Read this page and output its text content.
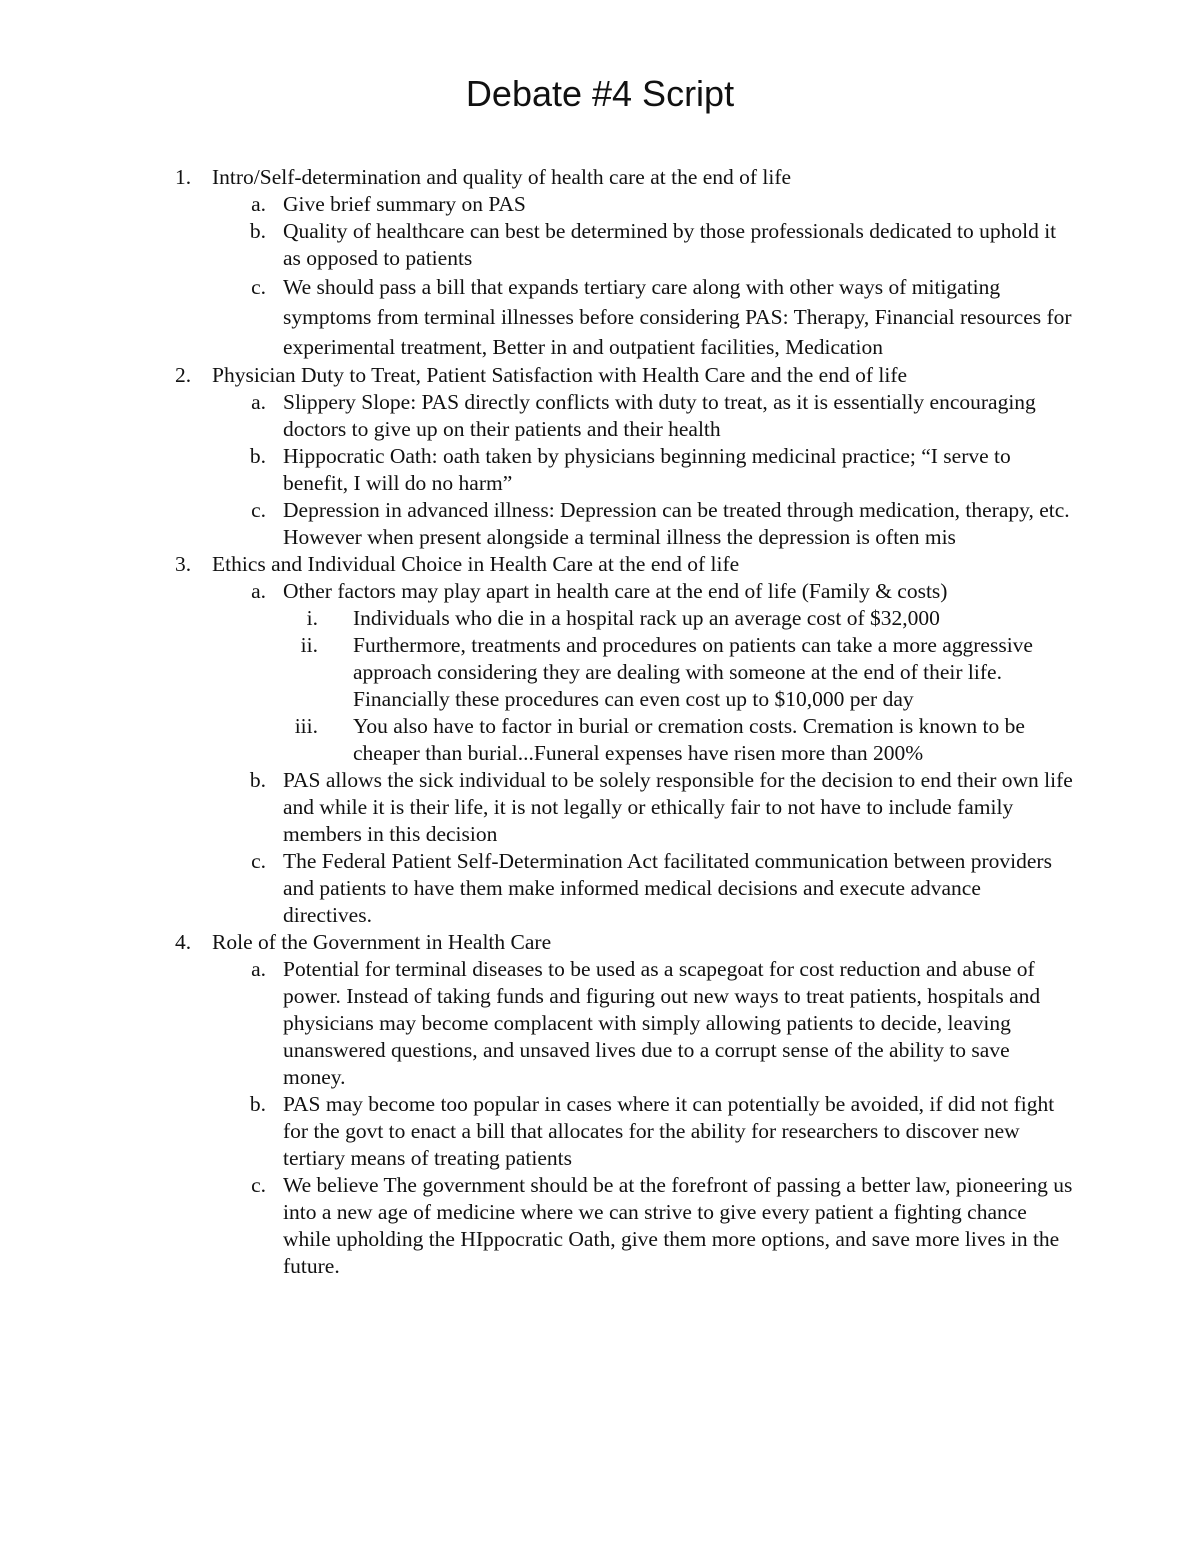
Debate #4 Script
1. Intro/Self-determination and quality of health care at the end of life
a. Give brief summary on PAS
b. Quality of healthcare can best be determined by those professionals dedicated to uphold it as opposed to patients
c. We should pass a bill that expands tertiary care along with other ways of mitigating symptoms from terminal illnesses before considering PAS: Therapy, Financial resources for experimental treatment, Better in and outpatient facilities, Medication
2. Physician Duty to Treat, Patient Satisfaction with Health Care and the end of life
a. Slippery Slope: PAS directly conflicts with duty to treat, as it is essentially encouraging doctors to give up on their patients and their health
b. Hippocratic Oath: oath taken by physicians beginning medicinal practice; “I serve to benefit, I will do no harm”
c. Depression in advanced illness: Depression can be treated through medication, therapy, etc. However when present alongside a terminal illness the depression is often mis
3. Ethics and Individual Choice in Health Care at the end of life
a. Other factors may play apart in health care at the end of life (Family & costs)
i. Individuals who die in a hospital rack up an average cost of $32,000
ii. Furthermore, treatments and procedures on patients can take a more aggressive approach considering they are dealing with someone at the end of their life. Financially these procedures can even cost up to $10,000 per day
iii. You also have to factor in burial or cremation costs. Cremation is known to be cheaper than burial...Funeral expenses have risen more than 200%
b. PAS allows the sick individual to be solely responsible for the decision to end their own life and while it is their life, it is not legally or ethically fair to not have to include family members in this decision
c. The Federal Patient Self-Determination Act facilitated communication between providers and patients to have them make informed medical decisions and execute advance directives.
4. Role of the Government in Health Care
a. Potential for terminal diseases to be used as a scapegoat for cost reduction and abuse of power. Instead of taking funds and figuring out new ways to treat patients, hospitals and physicians may become complacent with simply allowing patients to decide, leaving unanswered questions, and unsaved lives due to a corrupt sense of the ability to save money.
b. PAS may become too popular in cases where it can potentially be avoided, if did not fight for the govt to enact a bill that allocates for the ability for researchers to discover new tertiary means of treating patients
c. We believe The government should be at the forefront of passing a better law, pioneering us into a new age of medicine where we can strive to give every patient a fighting chance while upholding the HIppocratic Oath, give them more options, and save more lives in the future.
